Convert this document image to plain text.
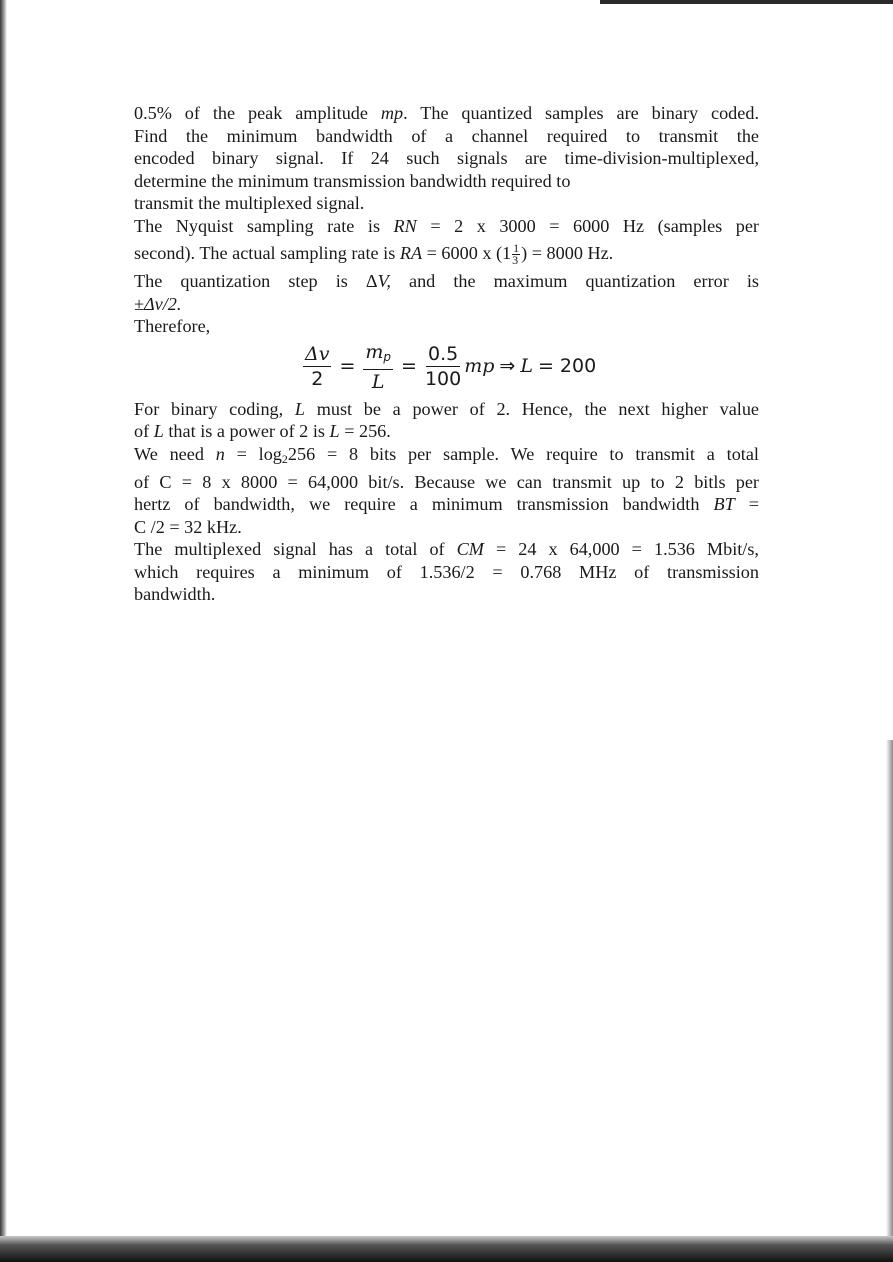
0.5% of the peak amplitude mp. The quantized samples are binary coded.
Find the minimum bandwidth of a channel required to transmit the
encoded binary signal. If 24 such signals are time-division-multiplexed,
determine the minimum transmission bandwidth required to
transmit the multiplexed signal.
The Nyquist sampling rate is RN = 2 x 3000 = 6000 Hz (samples per
second). The actual sampling rate is RA = 6000 x ($1 \frac{1}{3}$ ) = 8000 Hz.
The quantization step is ΔV, and the maximum quantization error is
±Δv/2.
Therefore,
$\frac{\Delta v}{2} = \frac{m_p}{L} = \frac{0.5}{100}$ mp ⇒ L = 200
For binary coding, L must be a power of 2. Hence, the next higher value
of L that is a power of 2 is L = 256.
We need $n = \log_2256 = 8$ bits per sample. We require to transmit a total
of C = 8 x 8000 = 64,000 bit/s. Because we can transmit up to 2 bitls per
hertz of bandwidth, we require a minimum transmission bandwidth BT =
C /2 = 32 kHz.
The multiplexed signal has a total of CM = 24 x 64,000 = 1.536 Mbit/s,
which requires a minimum of 1.536/2 = 0.768 MHz of transmission
bandwidth.
